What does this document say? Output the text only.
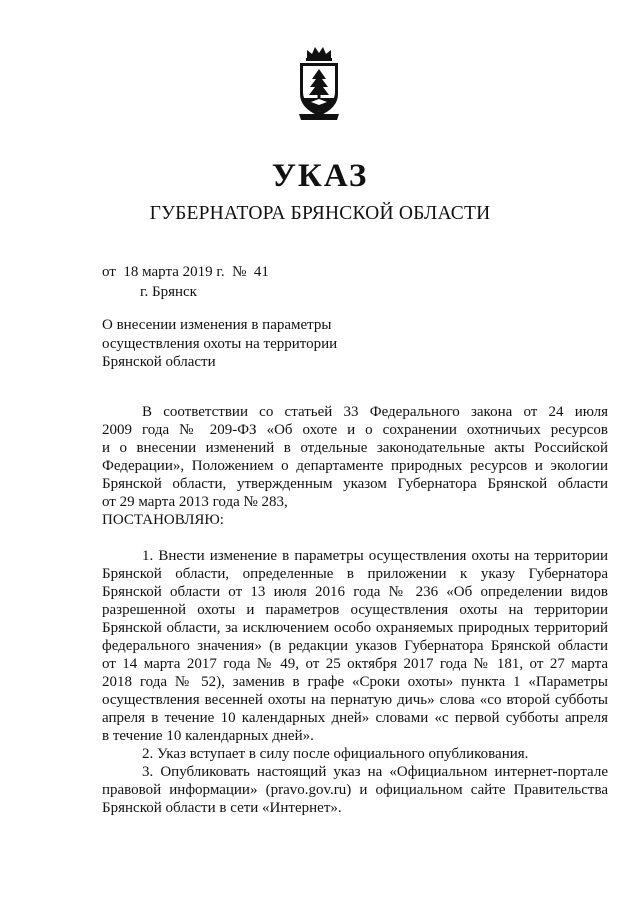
УКАЗ
ГУБЕРНАТОРА БРЯНСКОЙ ОБЛАСТИ
от  18 марта 2019 г.  №  41
г. Брянск
О внесении изменения в параметры
осуществления охоты на территории
Брянской области
В соответствии со статьей 33 Федерального закона от 24 июля
2009 года № 209-ФЗ «Об охоте и о сохранении охотничьих ресурсов
и о внесении изменений в отдельные законодательные акты Российской
Федерации», Положением о департаменте природных ресурсов и экологии
Брянской области, утвержденным указом Губернатора Брянской области
от 29 марта 2013 года № 283,
ПОСТАНОВЛЯЮ:
1. Внести изменение в параметры осуществления охоты на территории
Брянской области, определенные в приложении к указу Губернатора
Брянской области от 13 июля 2016 года № 236 «Об определении видов
разрешенной охоты и параметров осуществления охоты на территории
Брянской области, за исключением особо охраняемых природных территорий
федерального значения» (в редакции указов Губернатора Брянской области
от 14 марта 2017 года № 49, от 25 октября 2017 года № 181, от 27 марта
2018 года № 52), заменив в графе «Сроки охоты» пункта 1 «Параметры
осуществления весенней охоты на пернатую дичь» слова «со второй субботы
апреля в течение 10 календарных дней» словами «с первой субботы апреля
в течение 10 календарных дней».
2. Указ вступает в силу после официального опубликования.
3. Опубликовать настоящий указ на «Официальном интернет-портале
правовой информации» (pravo.gov.ru) и официальном сайте Правительства
Брянской области в сети «Интернет».
